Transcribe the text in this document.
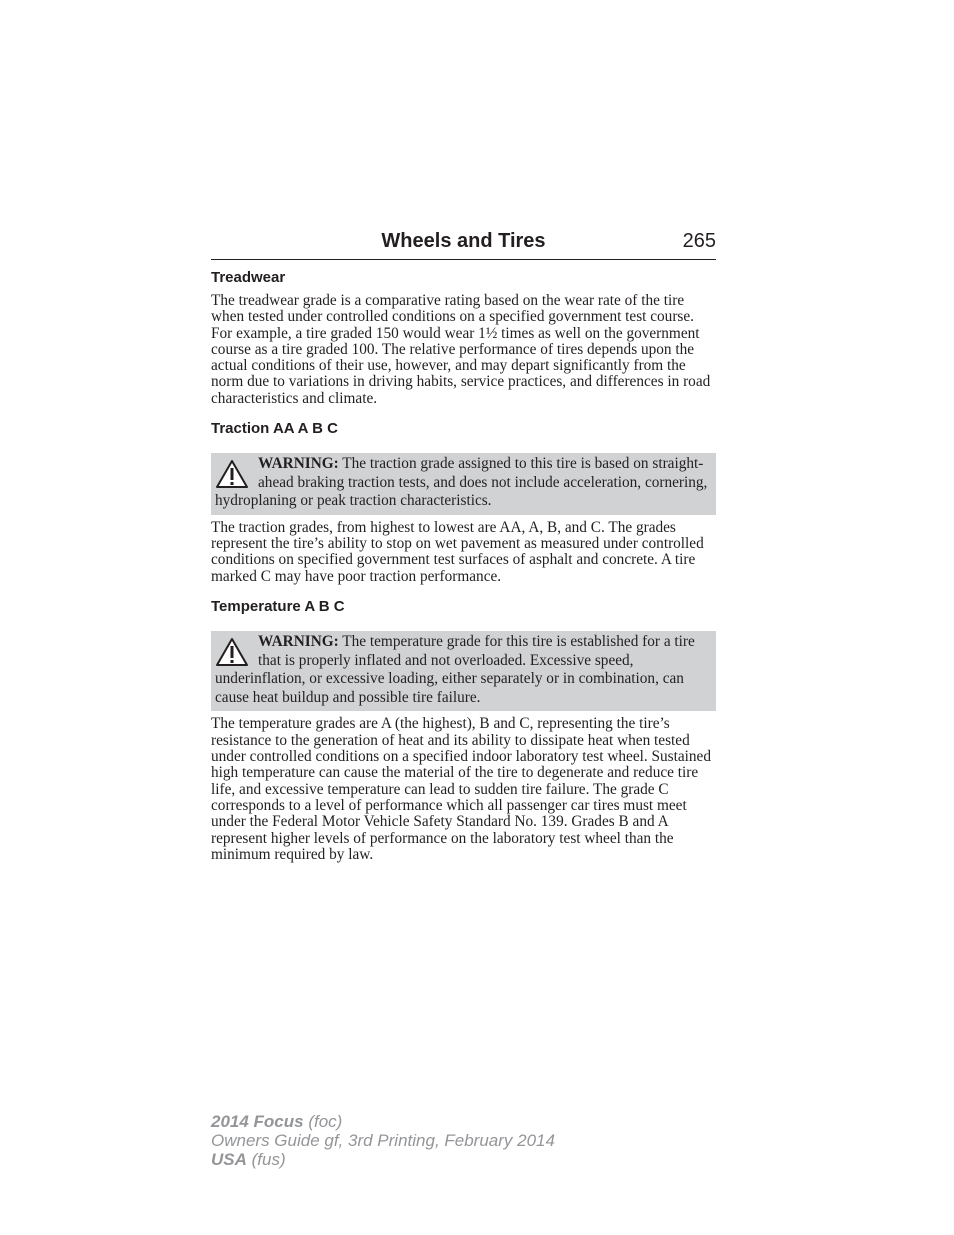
Wheels and Tires	265
Treadwear

The treadwear grade is a comparative rating based on the wear rate of the tire when tested under controlled conditions on a specified government test course. For example, a tire graded 150 would wear 1½ times as well on the government course as a tire graded 100. The relative performance of tires depends upon the actual conditions of their use, however, and may depart significantly from the norm due to variations in driving habits, service practices, and differences in road characteristics and climate.

Traction AA A B C
WARNING: The traction grade assigned to this tire is based on straight-ahead braking traction tests, and does not include acceleration, cornering, hydroplaning or peak traction characteristics.

The traction grades, from highest to lowest are AA, A, B, and C. The grades represent the tire’s ability to stop on wet pavement as measured under controlled conditions on specified government test surfaces of asphalt and concrete. A tire marked C may have poor traction performance.

Temperature A B C
WARNING: The temperature grade for this tire is established for a tire that is properly inflated and not overloaded. Excessive speed, underinflation, or excessive loading, either separately or in combination, can cause heat buildup and possible tire failure.

The temperature grades are A (the highest), B and C, representing the tire’s resistance to the generation of heat and its ability to dissipate heat when tested under controlled conditions on a specified indoor laboratory test wheel. Sustained high temperature can cause the material of the tire to degenerate and reduce tire life, and excessive temperature can lead to sudden tire failure. The grade C corresponds to a level of performance which all passenger car tires must meet under the Federal Motor Vehicle Safety Standard No. 139. Grades B and A represent higher levels of performance on the laboratory test wheel than the minimum required by law.

2014 Focus (foc)
Owners Guide gf, 3rd Printing, February 2014
USA (fus)
